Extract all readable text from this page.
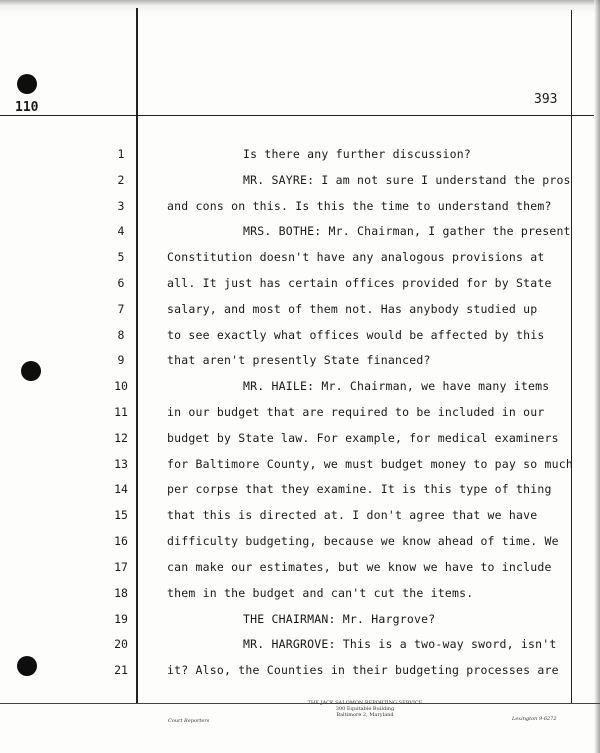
110
393
1
2
3
4
5
6
7
8
9
10
11
12
13
14
15
16
17
18
19
20
21
Is there any further discussion?
MR. SAYRE: I am not sure I understand the pros
and cons on this. Is this the time to understand them?
MRS. BOTHE: Mr. Chairman, I gather the present
Constitution doesn't have any analogous provisions at
all. It just has certain offices provided for by State
salary, and most of them not. Has anybody studied up
to see exactly what offices would be affected by this
that aren't presently State financed?
MR. HAILE: Mr. Chairman, we have many items
in our budget that are required to be included in our
budget by State law. For example, for medical examiners
for Baltimore County, we must budget money to pay so much
per corpse that they examine. It is this type of thing
that this is directed at. I don't agree that we have
difficulty budgeting, because we know ahead of time. We
can make our estimates, but we know we have to include
them in the budget and can't cut the items.
THE CHAIRMAN: Mr. Hargrove?
MR. HARGROVE: This is a two-way sword, isn't
it? Also, the Counties in their budgeting processes are
Court Reporters
THE JACK SALOMON REPORTING SERVICE
300 Equitable Building
Baltimore 2, Maryland
Lexington 9-6272
